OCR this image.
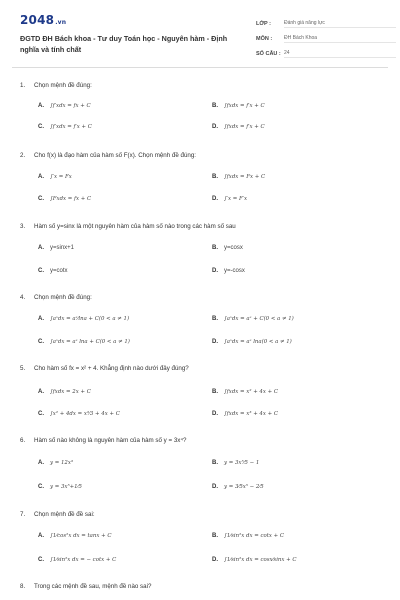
2048.vn
ĐGTD ĐH Bách khoa - Tư duy Toán học - Nguyên hàm - Định nghĩa và tính chất
LỚP :	Đánh giá năng lực
MÔN :	ĐH Bách Khoa
SỐ CÂU : 24
1.	Chọn mệnh đề đúng:
A.	∫f′xdx = fx + C	B.	∫fxdx = f′x + C
C.	∫f′xdx = f′x + C	D.	∫fxdx = f′x + C
2.	Cho f(x) là đạo hàm của hàm số F(x). Chọn mệnh đề đúng:
A.	∫′x = Fx	B.	∫fxdx = Fx + C
C.	∫Fxdx = fx + C	D.	∫′x = F′x
3.	Hàm số y=sinx là một nguyên hàm của hàm số nào trong các hàm số sau
A.	y=sinx+1	B.	y=cosx
C.	y=cotx	D.	y=-cosx
4.	Chọn mệnh đề đúng:
A.	∫aˣdx = aˣ⁄lna + C(0 < a ≠ 1)	B.	∫aˣdx = aˣ + C(0 < a ≠ 1)
C.	∫aˣdx = aˣ lna + C(0 < a ≠ 1)	D.	∫aˣdx = aˣ lna(0 < a ≠ 1)
5.	Cho hàm số fx = x² + 4. Khẳng định nào dưới đây đúng?
A.	∫fxdx = 2x + C	B.	∫fxdx = x² + 4x + C
C.	∫x² + 4dx = x³⁄3 + 4x + C	D.	∫fxdx = x³ + 4x + C
6.	Hàm số nào không là nguyên hàm của hàm số y = 3x⁴?
A.	y = 12x³	B.	y = 3x⁵⁄5 − 1
C.	y = 3x⁵+1⁄5	D.	y = 3⁄5x⁵ − 2⁄5
7.	Chọn mệnh đề đề sai:
A.	∫1⁄cos²x dx = tanx + C	B.	∫1⁄sin²x dx = cotx + C
C.	∫1⁄sin²x dx = − cotx + C	D.	∫1⁄sin²x dx = cosx⁄sinx + C
8.	Trong các mệnh đề sau, mệnh đề nào sai?
